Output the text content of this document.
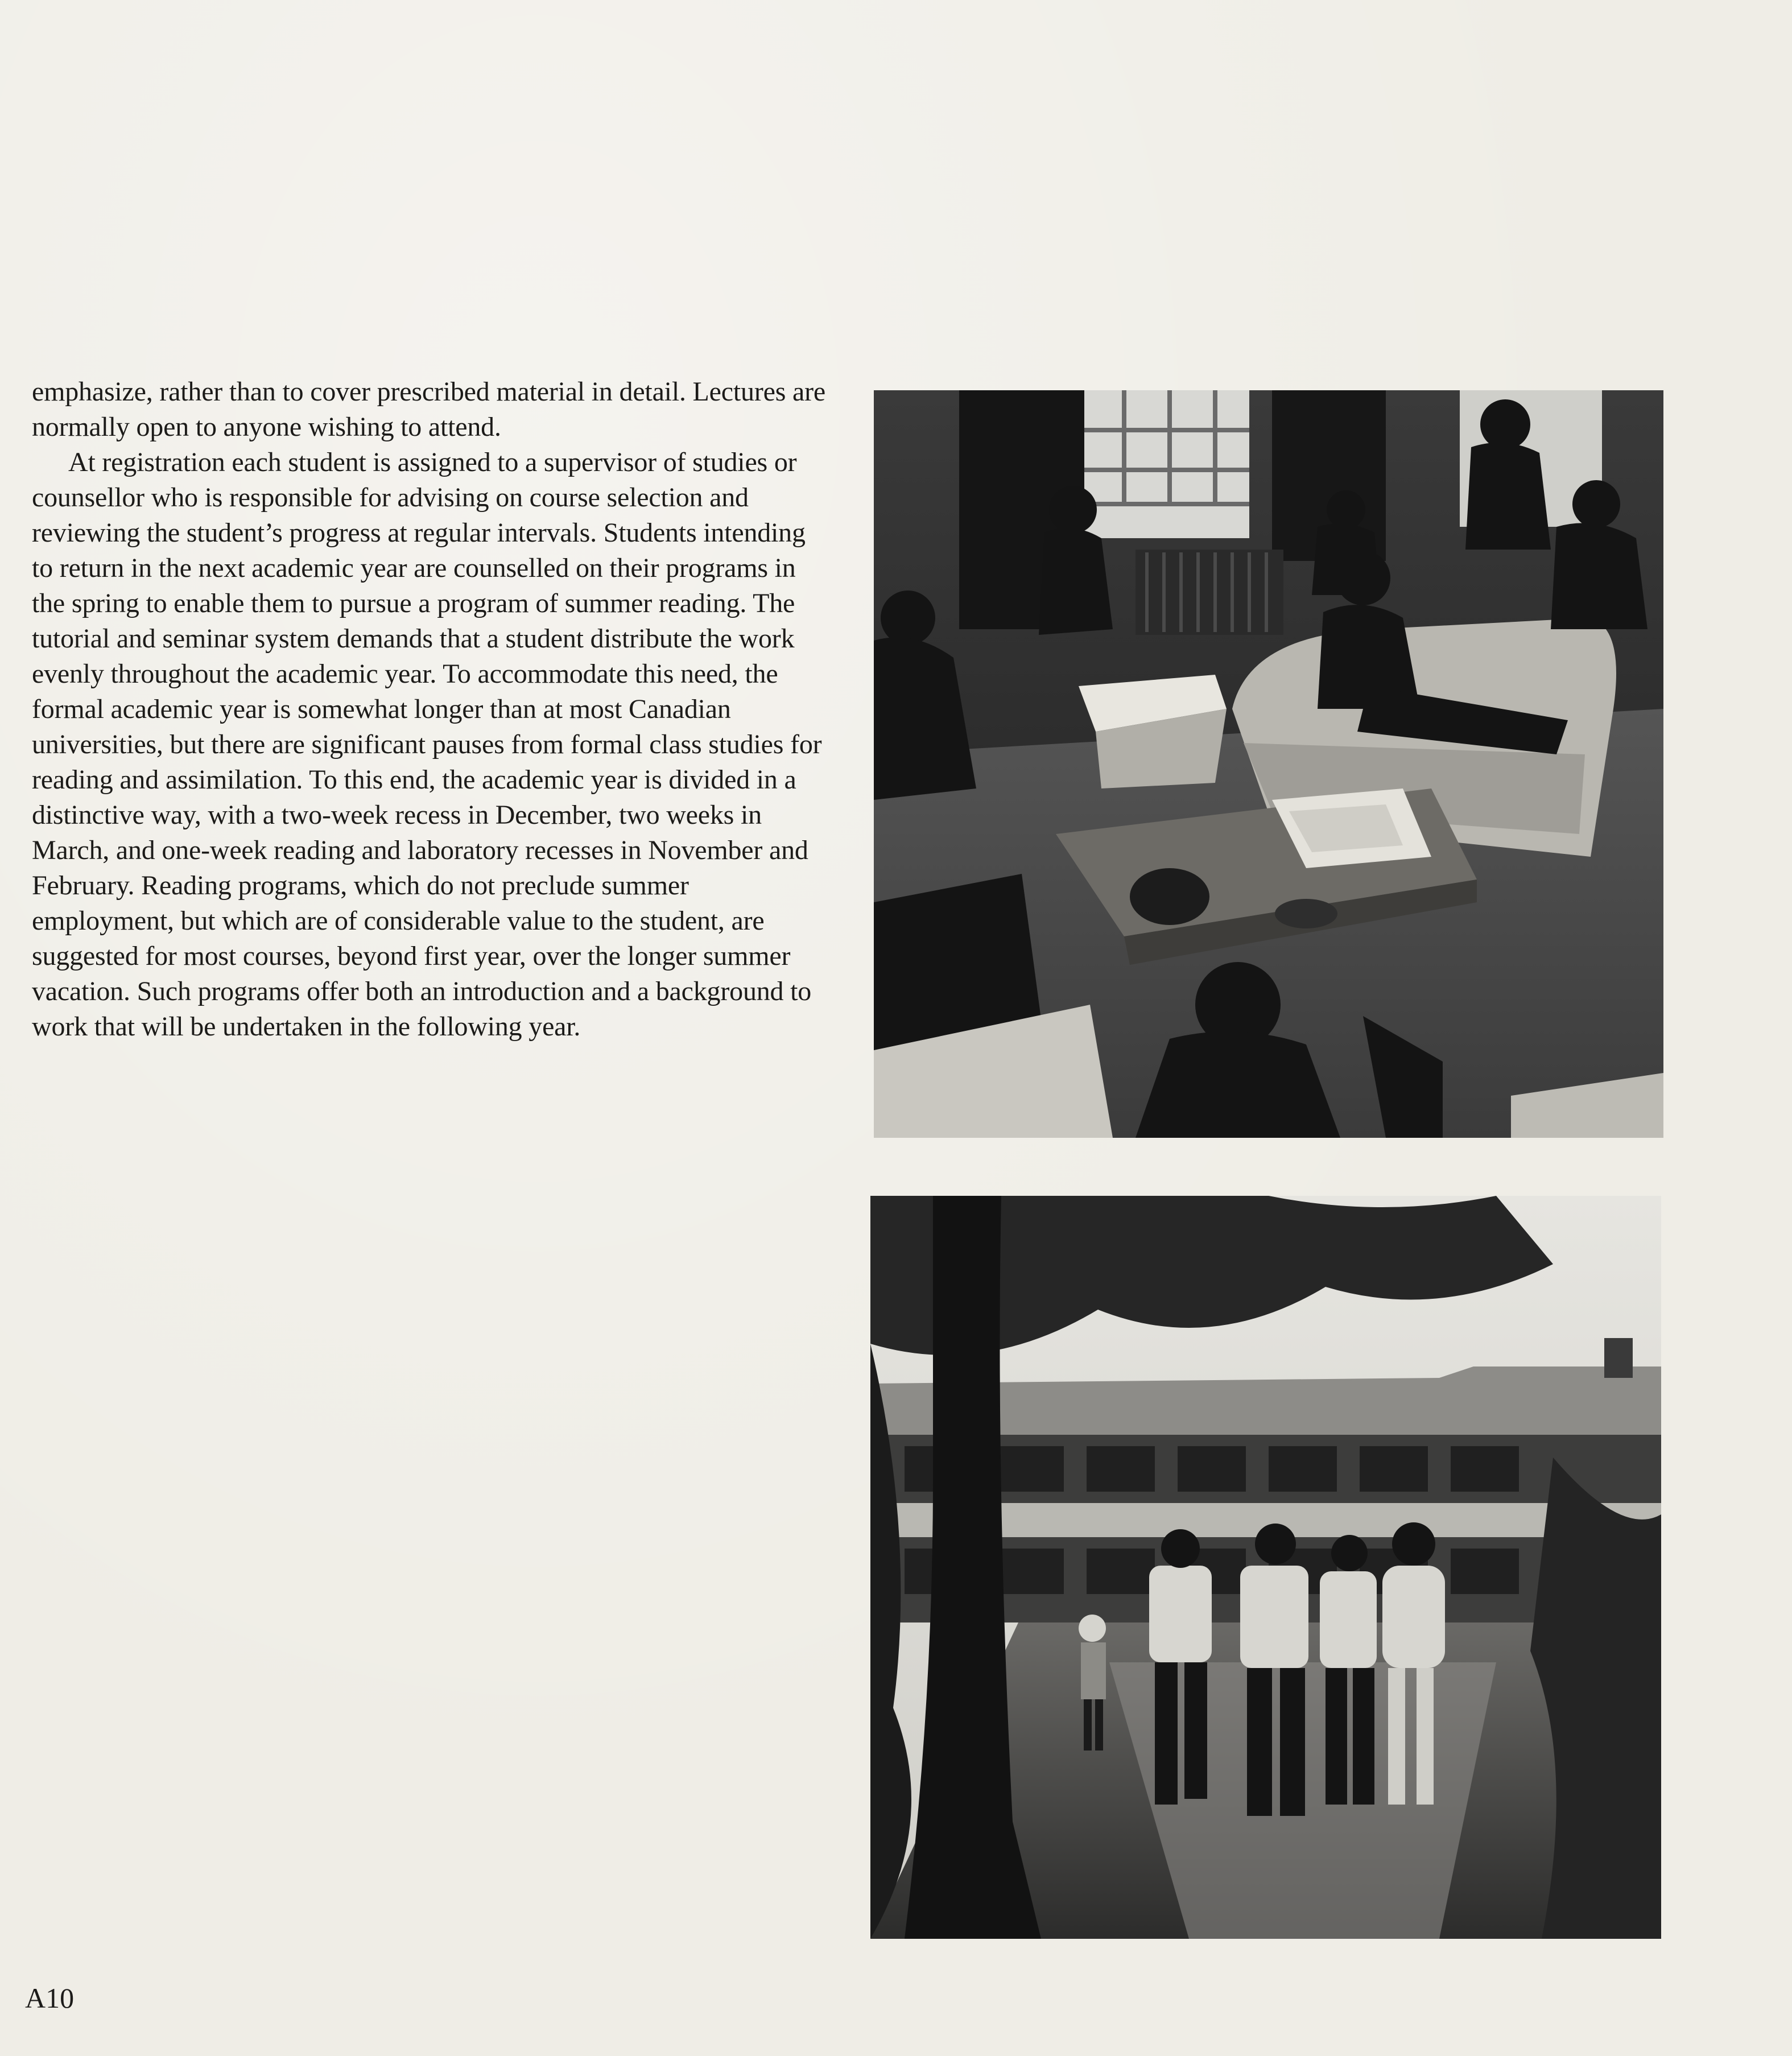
emphasize, rather than to cover prescribed material in detail. Lectures are normally open to anyone wishing to attend.

At registration each student is assigned to a supervisor of studies or counsellor who is responsible for advising on course selection and reviewing the student’s progress at regular intervals. Students intending to return in the next academic year are counselled on their programs in the spring to enable them to pursue a program of summer reading. The tutorial and seminar system demands that a student distribute the work evenly throughout the academic year. To accommodate this need, the formal academic year is somewhat longer than at most Canadian universities, but there are significant pauses from formal class studies for reading and assimilation. To this end, the academic year is divided in a distinctive way, with a two-week recess in December, two weeks in March, and one-week reading and laboratory recesses in November and February. Reading programs, which do not preclude summer employment, but which are of considerable value to the student, are suggested for most courses, beyond first year, over the longer summer vacation. Such programs offer both an introduction and a background to work that will be undertaken in the following year.

A10
